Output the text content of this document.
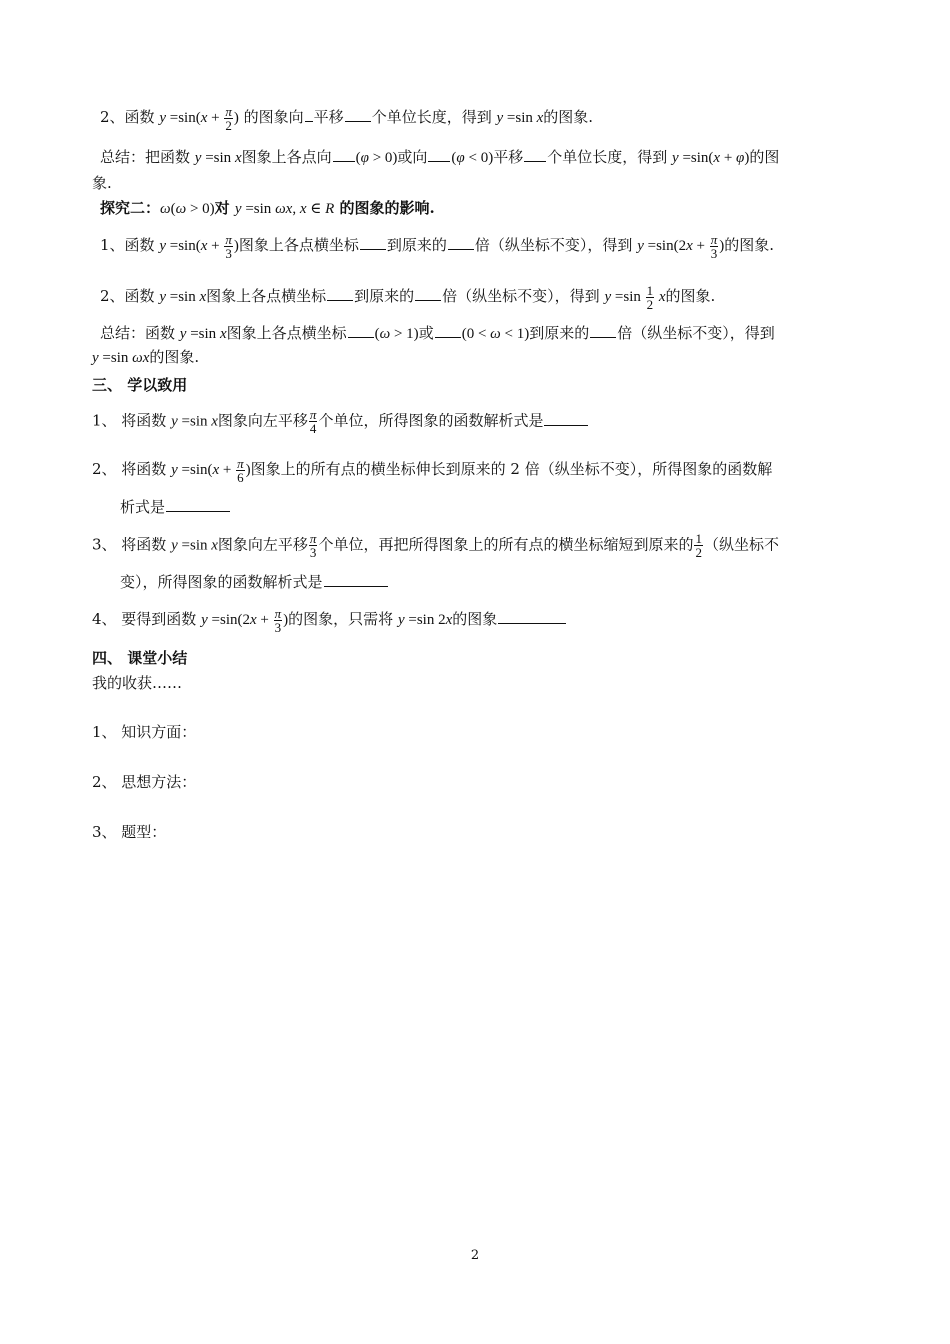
2、函数 $y =\sin(x + \frac{\pi}{2}$ ) 的图象向 平移 个单位长度，得到 y =sin x的图象.
总结：把函数 y =sin x图象上各点向 (φ > 0)或向 (φ < 0)平移 个单位长度，得到 y =sin(x + φ)的图
象.
探究二：ω(ω > 0)对 y =sin ωx, x ∈ R 的图象的影响.
1、函数 $y =\sin(x + \frac{\pi}{3}$ )图象上各点横坐标 到原来的 倍（纵坐标不变），得到 $y =\sin(2x + \frac{\pi}{3}$ )的图象.
2、函数 y =sin x图象上各点横坐标 到原来的 倍（纵坐标不变），得到 $y =\sin \frac{1}{2}$ x的图象.
总结：函数 y =sin x图象上各点横坐标 (ω > 1)或 (0 < ω < 1)到原来的 倍（纵坐标不变），得到
y =sin ωx的图象.
三、 学以致用
1、 将函数 y =sin x图象向左平移 $\frac{\pi}{4}$ 个单位，所得图象的函数解析式是
2、 将函数 $y =\sin(x + \frac{\pi}{6}$ )图象上的所有点的横坐标伸长到原来的 2 倍（纵坐标不变），所得图象的函数解
析式是
3、 将函数 y =sin x图象向左平移 $\frac{\pi}{3}$ 个单位，再把所得图象上的所有点的横坐标缩短到原来的 $\frac{1}{2}$ （纵坐标不
变），所得图象的函数解析式是
4、 要得到函数 $y =\sin(2x + \frac{\pi}{3}$ )的图象，只需将 y =sin 2x的图象
四、 课堂小结
我的收获……
1、 知识方面：
2、 思想方法：
3、 题型：
2
